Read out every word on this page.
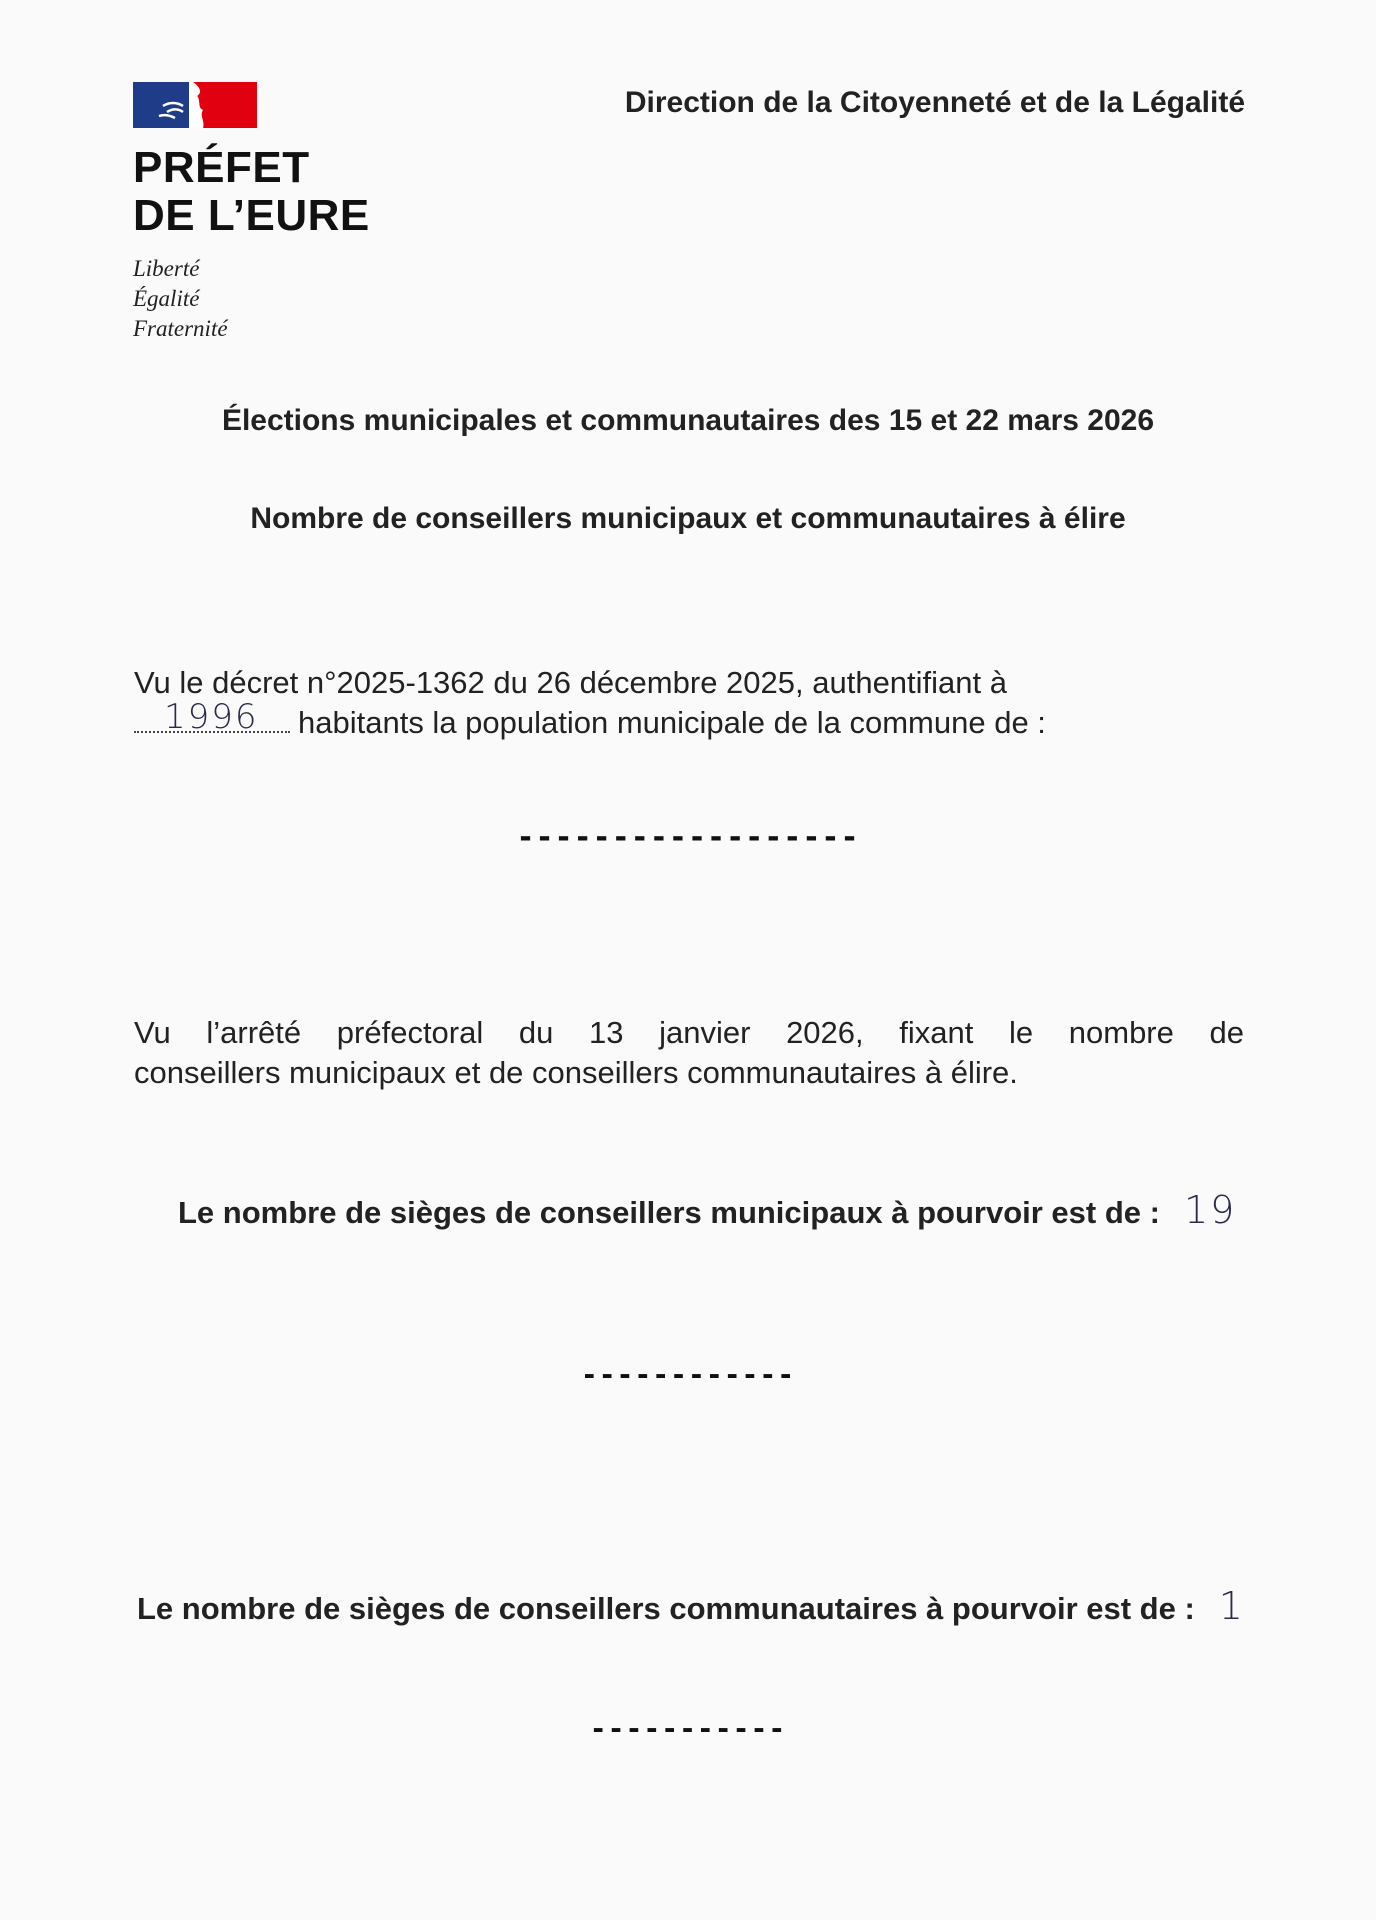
PRÉFET
DE L’EURE
Liberté
Égalité
Fraternité
Direction de la Citoyenneté et de la Légalité
Élections municipales et communautaires des 15 et 22 mars 2026
Nombre de conseillers municipaux et communautaires à élire
Vu le décret n°2025-1362 du 26 décembre 2025, authentifiant à
1996 habitants la population municipale de la commune de :
------------------
Vu l’arrêté préfectoral du 13 janvier 2026, fixant le nombre de
conseillers municipaux et de conseillers communautaires à élire.
Le nombre de sièges de conseillers municipaux à pourvoir est de : 19
------------
Le nombre de sièges de conseillers communautaires à pourvoir est de : 1
-----------
